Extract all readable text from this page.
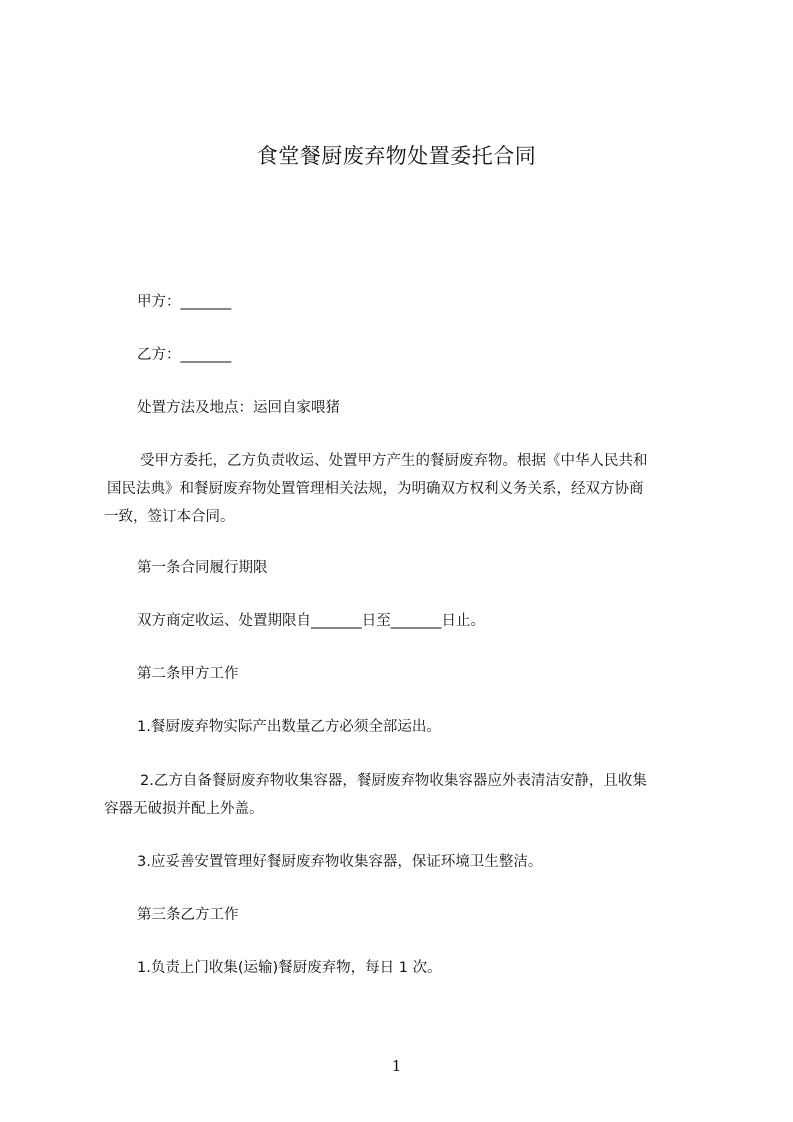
食堂餐厨废弃物处置委托合同
甲方：_______
乙方：_______
处置方法及地点：运回自家喂猪
受甲方委托，乙方负责收运、处置甲方产生的餐厨废弃物。根据《中华人民共和
国民法典》和餐厨废弃物处置管理相关法规，为明确双方权利义务关系，经双方协商
一致，签订本合同。
第一条合同履行期限
双方商定收运、处置期限自_______日至_______日止。
第二条甲方工作
1.餐厨废弃物实际产出数量乙方必须全部运出。
2.乙方自备餐厨废弃物收集容器，餐厨废弃物收集容器应外表清洁安静，且收集
容器无破损并配上外盖。
3.应妥善安置管理好餐厨废弃物收集容器，保证环境卫生整洁。
第三条乙方工作
1.负责上门收集(运输)餐厨废弃物，每日 1 次。
1
